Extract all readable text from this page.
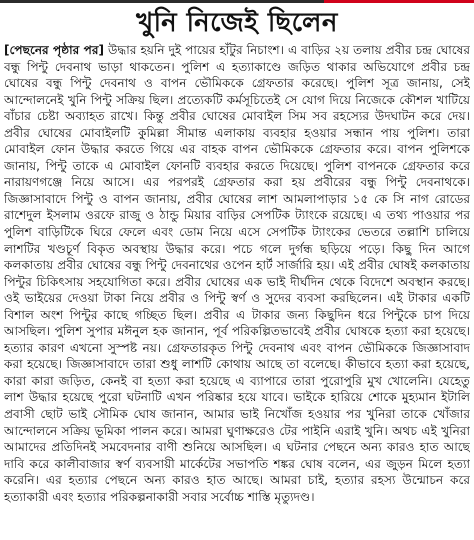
খুনি নিজেই ছিলেন

[পেছনের পৃষ্ঠার পর] উদ্ধার হয়নি দুই পায়ের হাঁটুর নিচাংশ। এ বাড়ির ২য় তলায় প্রবীর চন্দ্র ঘোষের বন্ধু পিন্টু দেবনাথ ভাড়া থাকতেন। পুলিশ এ হত্যাকাণ্ডে জড়িত থাকার অভিযোগে প্রবীর চন্দ্র ঘোষের বন্ধু পিন্টু দেবনাথ ও বাপন ভৌমিককে গ্রেফতার করেছে। পুলিশ সূত্র জানায়, সেই আন্দোলনেই খুনি পিন্টু সক্রিয় ছিল। প্রত্যেকটি কর্মসূচিতেই সে যোগ দিয়ে নিজেকে কৌশল খাটিয়ে বাঁচার চেষ্টা অব্যাহত রাখে। কিন্তু প্রবীর ঘোষের মোবাইল সিম সব রহস্যের উদঘাটন করে দেয়। প্রবীর ঘোষের মোবাইলটি কুমিল্লা সীমান্ত এলাকায় ব্যবহার হওয়ার সন্ধান পায় পুলিশ। তারা মোবাইল ফোন উদ্ধার করতে গিয়ে এর বাহক বাপন ভৌমিককে গ্রেফতার করে। বাপন পুলিশকে জানায়, পিন্টু তাকে এ মোবাইল ফোনটি ব্যবহার করতে দিয়েছে। পুলিশ বাপনকে গ্রেফতার করে নারায়ণগঞ্জে নিয়ে আসে। এর পরপরই গ্রেফতার করা হয় প্রবীরের বন্ধু পিন্টু দেবনাথকে। জিজ্ঞাসাবাদে পিন্টু ও বাপন জানায়, প্রবীর ঘোষের লাশ আমলাপাড়ার ১৫ কে সি নাগ রোডের রাশেদুল ইসলাম ওরফে রাজু ও ঠান্ডু মিয়ার বাড়ির সেপটিক ট্যাংকে রয়েছে। এ তথ্য পাওয়ার পর পুলিশ বাড়িটিকে ঘিরে ফেলে এবং ডোম নিয়ে এসে সেপটিক ট্যাংকের ভেতরে তল্লাশি চালিয়ে লাশটির খণ্ডচূর্ণ বিকৃত অবস্থায় উদ্ধার করে। পচে গলে দুর্গন্ধ ছড়িয়ে পড়ে। কিছু দিন আগে কলকাতায় প্রবীর ঘোষের বন্ধু পিন্টু দেবনাথের ওপেন হার্ট সার্জারি হয়। এই প্রবীর ঘোষই কলকাতায় পিন্টুর চিকিৎসায় সহযোগিতা করে। প্রবীর ঘোষের এক ভাই দীর্ঘদিন থেকে বিদেশে অবস্থান করছে। ওই ভাইয়ের দেওয়া টাকা নিয়ে প্রবীর ও পিন্টু স্বর্ণ ও সুদের ব্যবসা করছিলেন। এই টাকার একটি বিশাল অংশ পিন্টুর কাছে গচ্ছিত ছিল। প্রবীর এ টাকার জন্য কিছুদিন ধরে পিন্টুকে চাপ দিয়ে আসছিল। পুলিশ সুপার মঈনুল হক জানান, পূর্ব পরিকল্পিতভাবেই প্রবীর ঘোষকে হত্যা করা হয়েছে। হত্যার কারণ এখনো সুস্পষ্ট নয়। গ্রেফতারকৃত পিন্টু দেবনাথ এবং বাপন ভৌমিককে জিজ্ঞাসাবাদ করা হয়েছে। জিজ্ঞাসাবাদে তারা শুধু লাশটি কোথায় আছে তা বলেছে। কীভাবে হত্যা করা হয়েছে, কারা কারা জড়িত, কেনই বা হত্যা করা হয়েছে এ ব্যাপারে তারা পুরোপুরি মুখ খোলেনি। যেহেতু লাশ উদ্ধার হয়েছে পুরো ঘটনাটি এখন পরিষ্কার হয়ে যাবে। ভাইকে হারিয়ে শোকে মুহ্যমান ইটালি প্রবাসী ছোট ভাই সৌমিক ঘোষ জানান, আমার ভাই নিখোঁজ হওয়ার পর খুনিরা তাকে খোঁজার আন্দোলনে সক্রিয় ভূমিকা পালন করে। আমরা ঘুণাক্ষরেও টের পাইনি এরাই খুনি। অথচ এই খুনিরা আমাদের প্রতিদিনই সমবেদনার বাণী শুনিয়ে আসছিল। এ ঘটনার পেছনে অন্য কারও হাত আছে দাবি করে কালীবাজার স্বর্ণ ব্যবসায়ী মার্কেটের সভাপতি শঙ্কর ঘোষ বলেন, এর জুড়ন মিলে হত্যা করেনি। এর হত্যার পেছনে অন্য কারও হাত আছে। আমরা চাই, হত্যার রহস্য উন্মোচন করে হত্যাকারী এবং হত্যার পরিকল্পনাকারী সবার সর্বোচ্চ শাস্তি মৃত্যুদণ্ড।
